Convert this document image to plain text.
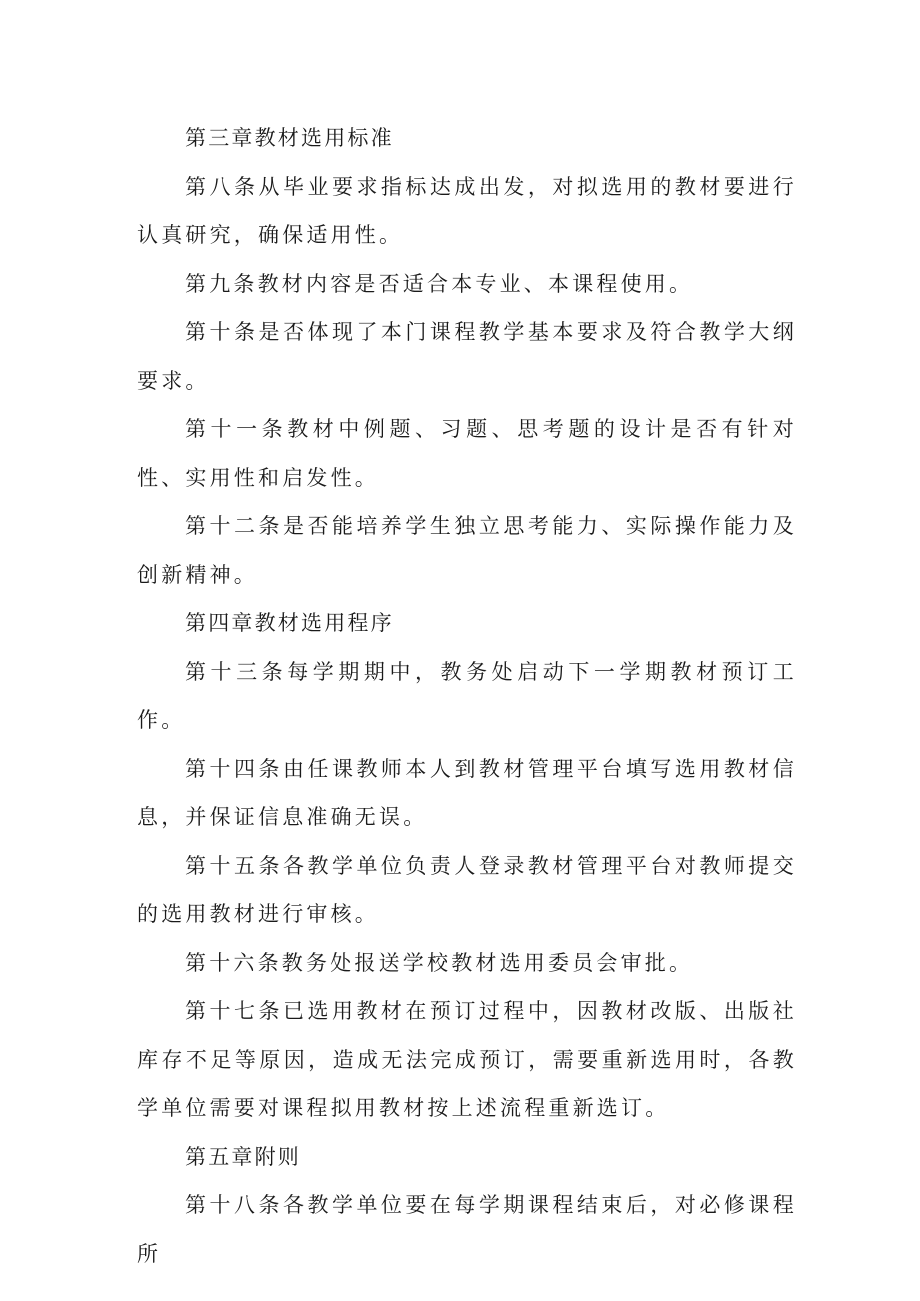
第三章教材选用标准

第八条从毕业要求指标达成出发，对拟选用的教材要进行认真研究，确保适用性。

第九条教材内容是否适合本专业、本课程使用。

第十条是否体现了本门课程教学基本要求及符合教学大纲要求。

第十一条教材中例题、习题、思考题的设计是否有针对性、实用性和启发性。

第十二条是否能培养学生独立思考能力、实际操作能力及创新精神。

第四章教材选用程序

第十三条每学期期中，教务处启动下一学期教材预订工作。

第十四条由任课教师本人到教材管理平台填写选用教材信息，并保证信息准确无误。

第十五条各教学单位负责人登录教材管理平台对教师提交的选用教材进行审核。

第十六条教务处报送学校教材选用委员会审批。

第十七条已选用教材在预订过程中，因教材改版、出版社库存不足等原因，造成无法完成预订，需要重新选用时，各教学单位需要对课程拟用教材按上述流程重新选订。

第五章附则

第十八条各教学单位要在每学期课程结束后，对必修课程所
